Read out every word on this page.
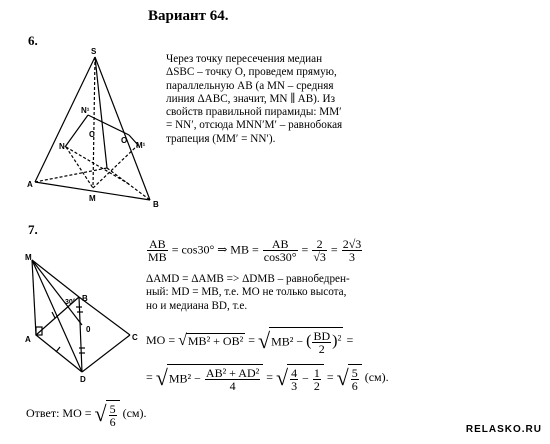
Вариант 64.
6.
S
N¹
C
O
N	M¹
A
M
B
Через точку пересечения медиан
ΔSBC – точку O, проведем прямую,
параллельную AB (а MN – средняя
линия ΔABC, значит, MN ∥ AB). Из
свойств правильной пирамиды: MM′
= NN′, отсюда MNN′M′ – равнобокая
трапеция (MM′ = NN′).
7.
M
B
A	C
D
0
30°
$\frac{AB}{MB} = \cos 30^\circ$ ⇒ MB = $\frac{AB}{\cos 30^\circ} = \frac{2}{√3} = \frac{2√3}{3}$
ΔAMD = ΔAMB => ΔDMB – равнобедрен-
ный: MD = MB, т.е. MO не только высота,
но и медиана BD, т.е.
MO = √MB² + OB² = √MB² − ( $\frac{BD}{2} )^2$ =
= $√MB^2 - \frac{\text{AB² + AD²}}{4}$ = √ $\frac{4}{3} - \frac{1}{2}$ = √ $\frac{5}{6} (см)$.
Ответ: MO = √ $\frac{5}{6} (см)$.
RELASKO.RU
